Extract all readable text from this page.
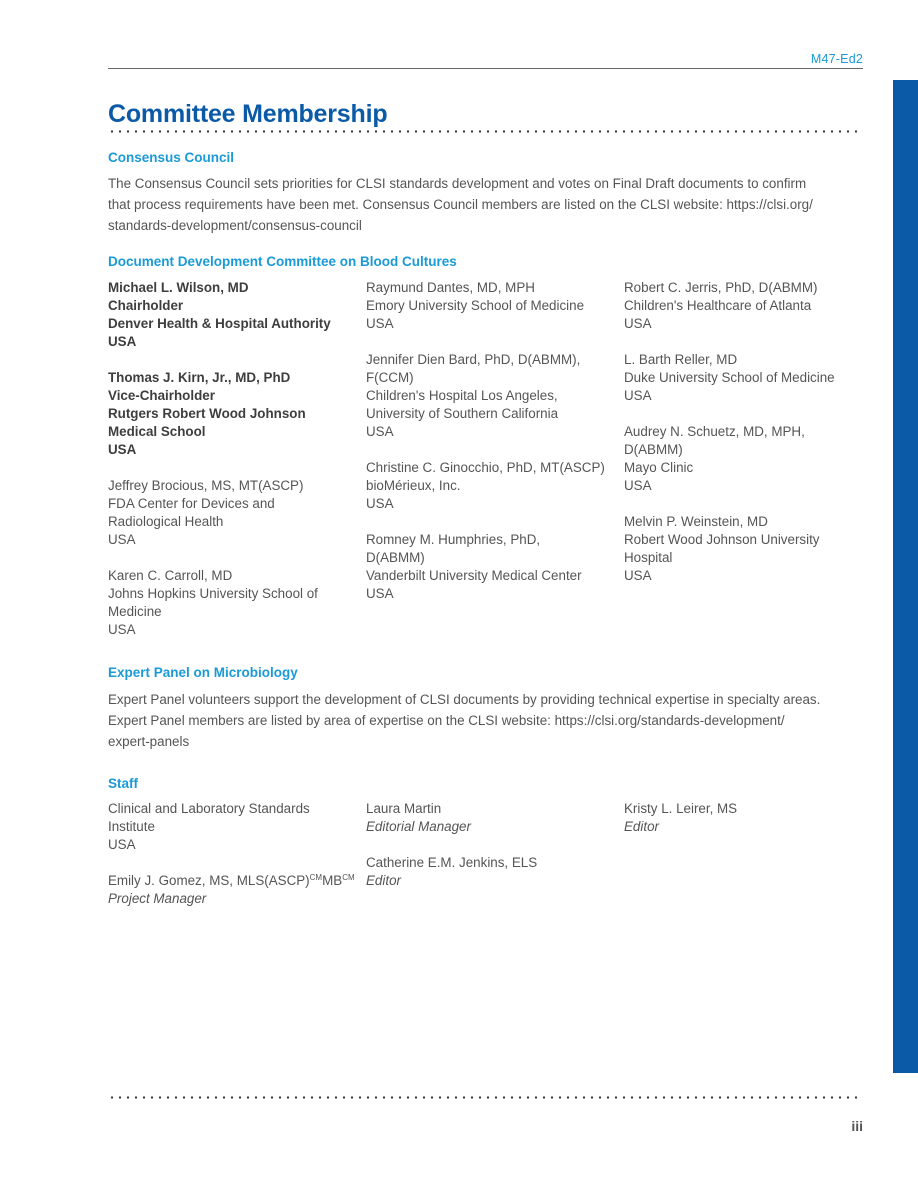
M47-Ed2
Committee Membership
Consensus Council
The Consensus Council sets priorities for CLSI standards development and votes on Final Draft documents to confirm
that process requirements have been met. Consensus Council members are listed on the CLSI website: https://clsi.org/
standards-development/consensus-council
Document Development Committee on Blood Cultures
Michael L. Wilson, MD
Chairholder
Denver Health & Hospital Authority
USA
Thomas J. Kirn, Jr., MD, PhD
Vice-Chairholder
Rutgers Robert Wood Johnson
Medical School
USA
Jeffrey Brocious, MS, MT(ASCP)
FDA Center for Devices and
Radiological Health
USA
Karen C. Carroll, MD
Johns Hopkins University School of
Medicine
USA
Raymund Dantes, MD, MPH
Emory University School of Medicine
USA
Jennifer Dien Bard, PhD, D(ABMM),
F(CCM)
Children's Hospital Los Angeles,
University of Southern California
USA
Christine C. Ginocchio, PhD, MT(ASCP)
bioMérieux, Inc.
USA
Romney M. Humphries, PhD,
D(ABMM)
Vanderbilt University Medical Center
USA
Robert C. Jerris, PhD, D(ABMM)
Children's Healthcare of Atlanta
USA
L. Barth Reller, MD
Duke University School of Medicine
USA
Audrey N. Schuetz, MD, MPH,
D(ABMM)
Mayo Clinic
USA
Melvin P. Weinstein, MD
Robert Wood Johnson University
Hospital
USA
Expert Panel on Microbiology
Expert Panel volunteers support the development of CLSI documents by providing technical expertise in specialty areas.
Expert Panel members are listed by area of expertise on the CLSI website: https://clsi.org/standards-development/
expert-panels
Staff
Clinical and Laboratory Standards
Institute
USA
Emily J. Gomez, MS, $MLS(ASCP)^{CM}MB^{CM}$
Project Manager
Laura Martin
Editorial Manager
Catherine E.M. Jenkins, ELS
Editor
Kristy L. Leirer, MS
Editor
iii
